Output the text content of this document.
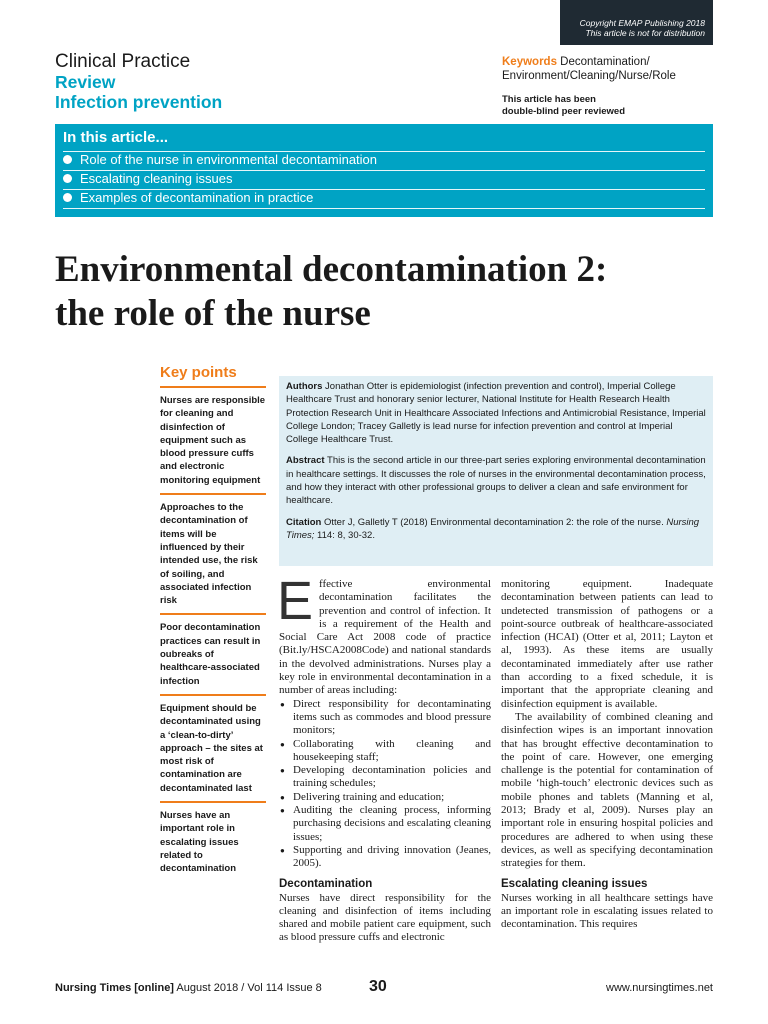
Copyright EMAP Publishing 2018
This article is not for distribution
Clinical Practice
Review
Infection prevention
Keywords Decontamination/
Environment/Cleaning/Nurse/Role
This article has been
double-blind peer reviewed
In this article...
Role of the nurse in environmental decontamination
Escalating cleaning issues
Examples of decontamination in practice
Environmental decontamination 2:
the role of the nurse
Key points
Nurses are responsible for cleaning and disinfection of equipment such as blood pressure cuffs and electronic monitoring equipment
Approaches to the decontamination of items will be influenced by their intended use, the risk of soiling, and associated infection risk
Poor decontamination practices can result in oubreaks of healthcare-associated infection
Equipment should be decontaminated using a ‘clean-to-dirty’ approach – the sites at most risk of contamination are decontaminated last
Nurses have an important role in escalating issues related to decontamination

Authors Jonathan Otter is epidemiologist (infection prevention and control), Imperial College Healthcare Trust and honorary senior lecturer, National Institute for Health Research Health Protection Research Unit in Healthcare Associated Infections and Antimicrobial Resistance, Imperial College London; Tracey Galletly is lead nurse for infection prevention and control at Imperial College Healthcare Trust.

Abstract This is the second article in our three-part series exploring environmental decontamination in healthcare settings. It discusses the role of nurses in the environmental decontamination process, and how they interact with other professional groups to deliver a clean and safe environment for healthcare.

Citation Otter J, Galletly T (2018) Environmental decontamination 2: the role of the nurse. Nursing Times; 114: 8, 30-32.

Effective environmental decontamination facilitates the prevention and control of infection. It is a requirement of the Health and Social Care Act 2008 code of practice (Bit.ly/HSCA2008Code) and national standards in the devolved administrations. Nurses play a key role in environmental decontamination in a number of areas including:

● Direct responsibility for decontaminating items such as commodes and blood pressure monitors;
● Collaborating with cleaning and housekeeping staff;
● Developing decontamination policies and training schedules;
● Delivering training and education;
● Auditing the cleaning process, informing purchasing decisions and escalating cleaning issues;
● Supporting and driving innovation (Jeanes, 2005).
Decontamination

Nurses have direct responsibility for the cleaning and disinfection of items including shared and mobile patient care equipment, such as blood pressure cuffs and electronic

monitoring equipment. Inadequate decontamination between patients can lead to undetected transmission of pathogens or a point-source outbreak of healthcare-associated infection (HCAI) (Otter et al, 2011; Layton et al, 1993). As these items are usually decontaminated immediately after use rather than according to a fixed schedule, it is important that the appropriate cleaning and disinfection equipment is available.

The availability of combined cleaning and disinfection wipes is an important innovation that has brought effective decontamination to the point of care. However, one emerging challenge is the potential for contamination of mobile ‘high-touch’ electronic devices such as mobile phones and tablets (Manning et al, 2013; Brady et al, 2009). Nurses play an important role in ensuring hospital policies and procedures are adhered to when using these devices, as well as specifying decontamination strategies for them.

Escalating cleaning issues

Nurses working in all healthcare settings have an important role in escalating issues related to decontamination. This requires

Nursing Times [online] August 2018 / Vol 114 Issue 8	30	www.nursingtimes.net
